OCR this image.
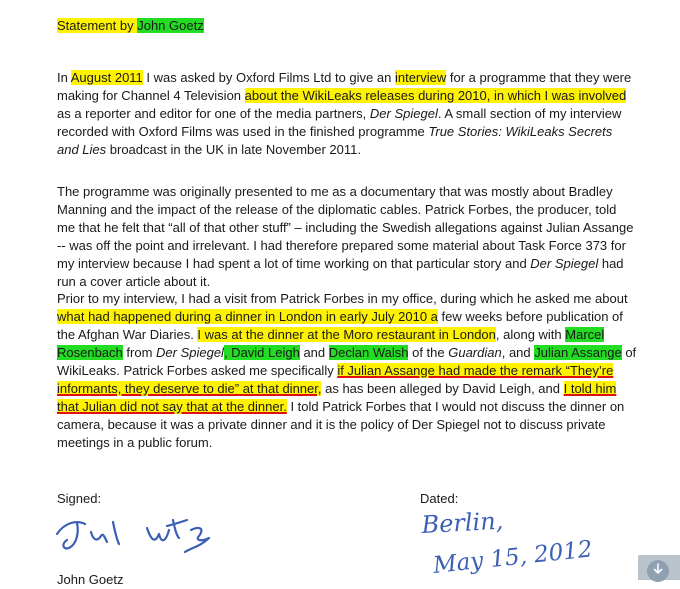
Statement by John Goetz

In August 2011 I was asked by Oxford Films Ltd to give an interview for a programme that they were making for Channel 4 Television about the WikiLeaks releases during 2010, in which I was involved as a reporter and editor for one of the media partners, Der Spiegel. A small section of my interview recorded with Oxford Films was used in the finished programme True Stories: WikiLeaks Secrets and Lies broadcast in the UK in late November 2011.

The programme was originally presented to me as a documentary that was mostly about Bradley Manning and the impact of the release of the diplomatic cables. Patrick Forbes, the producer, told me that he felt that “all of that other stuff” – including the Swedish allegations against Julian Assange -- was off the point and irrelevant. I had therefore prepared some material about Task Force 373 for my interview because I had spent a lot of time working on that particular story and Der Spiegel had run a cover article about it.

Prior to my interview, I had a visit from Patrick Forbes in my office, during which he asked me about what had happened during a dinner in London in early July 2010 a few weeks before publication of the Afghan War Diaries. I was at the dinner at the Moro restaurant in London, along with Marcel Rosenbach from Der Spiegel, David Leigh and Declan Walsh of the Guardian, and Julian Assange of WikiLeaks. Patrick Forbes asked me specifically if Julian Assange had made the remark “They’re informants, they deserve to die” at that dinner, as has been alleged by David Leigh, and I told him that Julian did not say that at the dinner. I told Patrick Forbes that I would not discuss the dinner on camera, because it was a private dinner and it is the policy of Der Spiegel not to discuss private meetings in a public forum.

Signed:	Dated:

Berlin,
May 15, 2012

John Goetz
